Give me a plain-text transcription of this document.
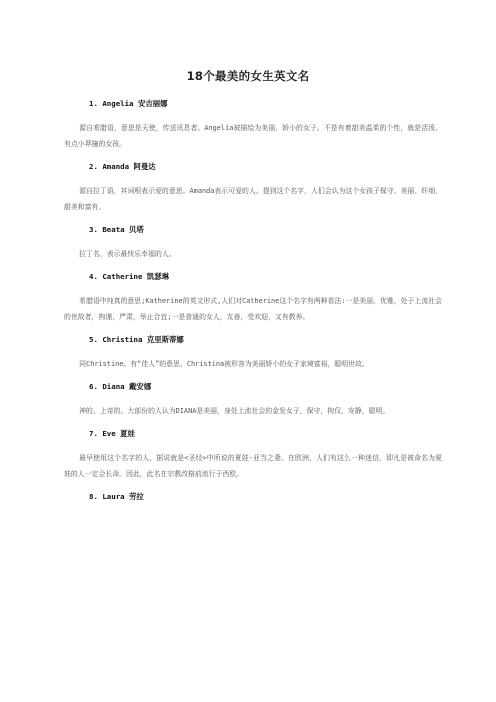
18个最美的女生英文名
1. Angelia 安吉丽娜

源自希腊语，意思是天使，传送讯息者。Angelia被描绘为美丽，娇小的女子。不是有着甜美温柔的个性，就是活泼、有点小莽撞的女孩。

2. Amanda 阿曼达

源自拉丁语，其词根表示爱的意思。Amanda表示可爱的人。提到这个名字，人们会认为这个女孩子保守、美丽、纤细，甜美和富有。

3. Beata 贝塔

拉丁名，表示最快乐幸福的人。

4. Catherine 凯瑟琳

希腊语中纯真的意思;Katherine的英文形式,人们对Catherine这个名字有两种看法:一是美丽，优雅，处于上流社会的世故者，拘谨，严肃，举止合宜;一是普通的女人，友善，受欢迎，又有教养。

5. Christina 克里斯蒂娜

同Christine。有“佳人”的意思。Christina被形容为美丽娇小的女子家境富裕，聪明世故。

6. Diana 戴安娜

神的，上帝的。大部份的人认为DIANA是美丽，身处上流社会的金发女子，保守，拘仅，安静，聪明。

7. Eve 夏娃

最早使用这个名字的人，据说就是<圣经>中所说的夏娃-亚当之妻。在欧洲，人们有这么一种迷信，即凡是被命名为夏娃的人一定会长命。因此，此名在宗教改格前流行于西欧。

8. Laura 劳拉
